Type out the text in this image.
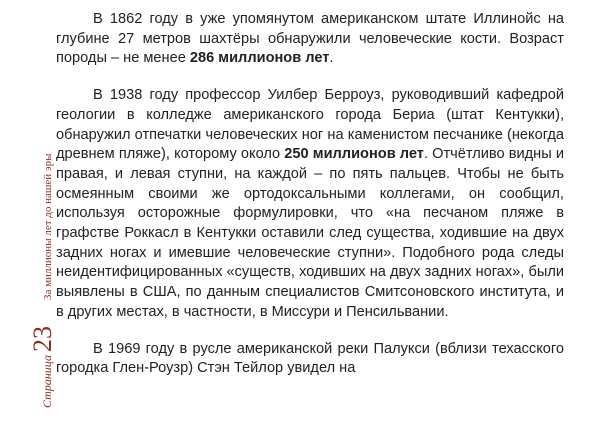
Страница
23
За миллионы лет до нашей эры

В 1862 году в уже упомянутом американском штате Иллинойс на глубине 27 метров шахтёры обнаружили человеческие кости. Возраст породы – не менее 286 миллионов лет.

В 1938 году профессор Уилбер Берроуз, руководивший кафедрой геологии в колледже американского города Бериа (штат Кентукки), обнаружил отпечатки человеческих ног на каменистом песчанике (некогда древнем пляже), которому около 250 миллионов лет. Отчётливо видны и правая, и левая ступни, на каждой – по пять пальцев. Чтобы не быть осмеянным своими же ортодоксальными коллегами, он сообщил, используя осторожные формулировки, что «на песчаном пляже в графстве Роккасл в Кентукки оставили след существа, ходившие на двух задних ногах и имевшие человеческие ступни». Подобного рода следы неидентифицированных «существ, ходивших на двух задних ногах», были выявлены в США, по данным специалистов Смитсоновского института, и в других местах, в частности, в Миссури и Пенсильвании.

В 1969 году в русле американской реки Палукси (вблизи техасского городка Глен-Роузр) Стэн Тейлор увидел на
